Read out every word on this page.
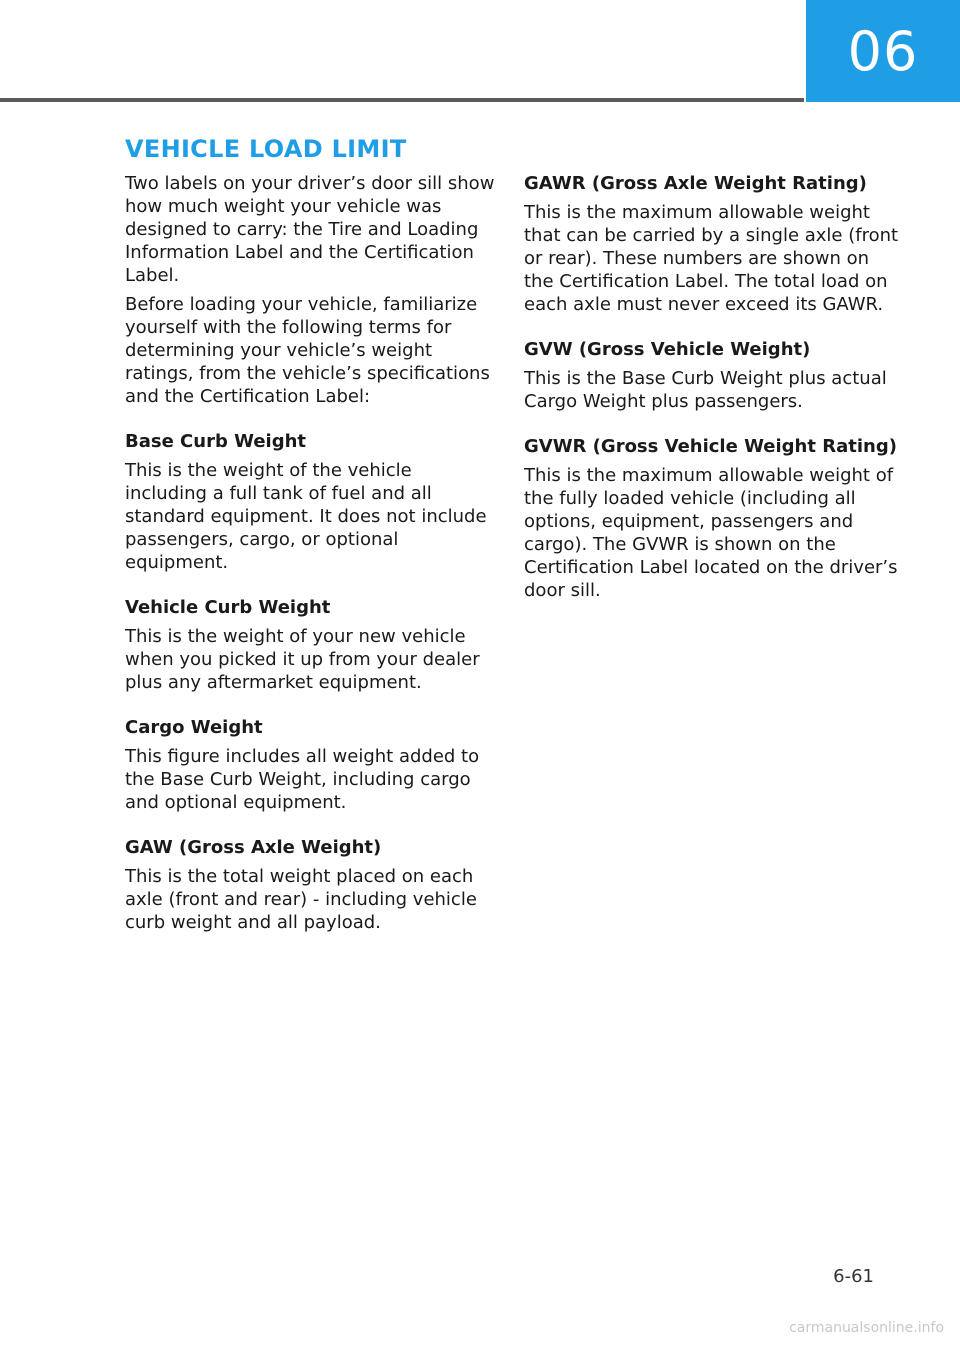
06
VEHICLE LOAD LIMIT

Two labels on your driver’s door sill show how much weight your vehicle was designed to carry: the Tire and Loading Information Label and the Certification Label.

Before loading your vehicle, familiarize yourself with the following terms for determining your vehicle’s weight ratings, from the vehicle’s specifications and the Certification Label:

Base Curb Weight

This is the weight of the vehicle including a full tank of fuel and all standard equipment. It does not include passengers, cargo, or optional equipment.

Vehicle Curb Weight

This is the weight of your new vehicle when you picked it up from your dealer plus any aftermarket equipment.

Cargo Weight

This figure includes all weight added to the Base Curb Weight, including cargo and optional equipment.

GAW (Gross Axle Weight)

This is the total weight placed on each axle (front and rear) - including vehicle curb weight and all payload.

GAWR (Gross Axle Weight Rating)

This is the maximum allowable weight that can be carried by a single axle (front or rear). These numbers are shown on the Certification Label. The total load on each axle must never exceed its GAWR.

GVW (Gross Vehicle Weight)

This is the Base Curb Weight plus actual Cargo Weight plus passengers.

GVWR (Gross Vehicle Weight Rating)

This is the maximum allowable weight of the fully loaded vehicle (including all options, equipment, passengers and cargo). The GVWR is shown on the Certification Label located on the driver’s door sill.

6-61
carmanualsonline.info
